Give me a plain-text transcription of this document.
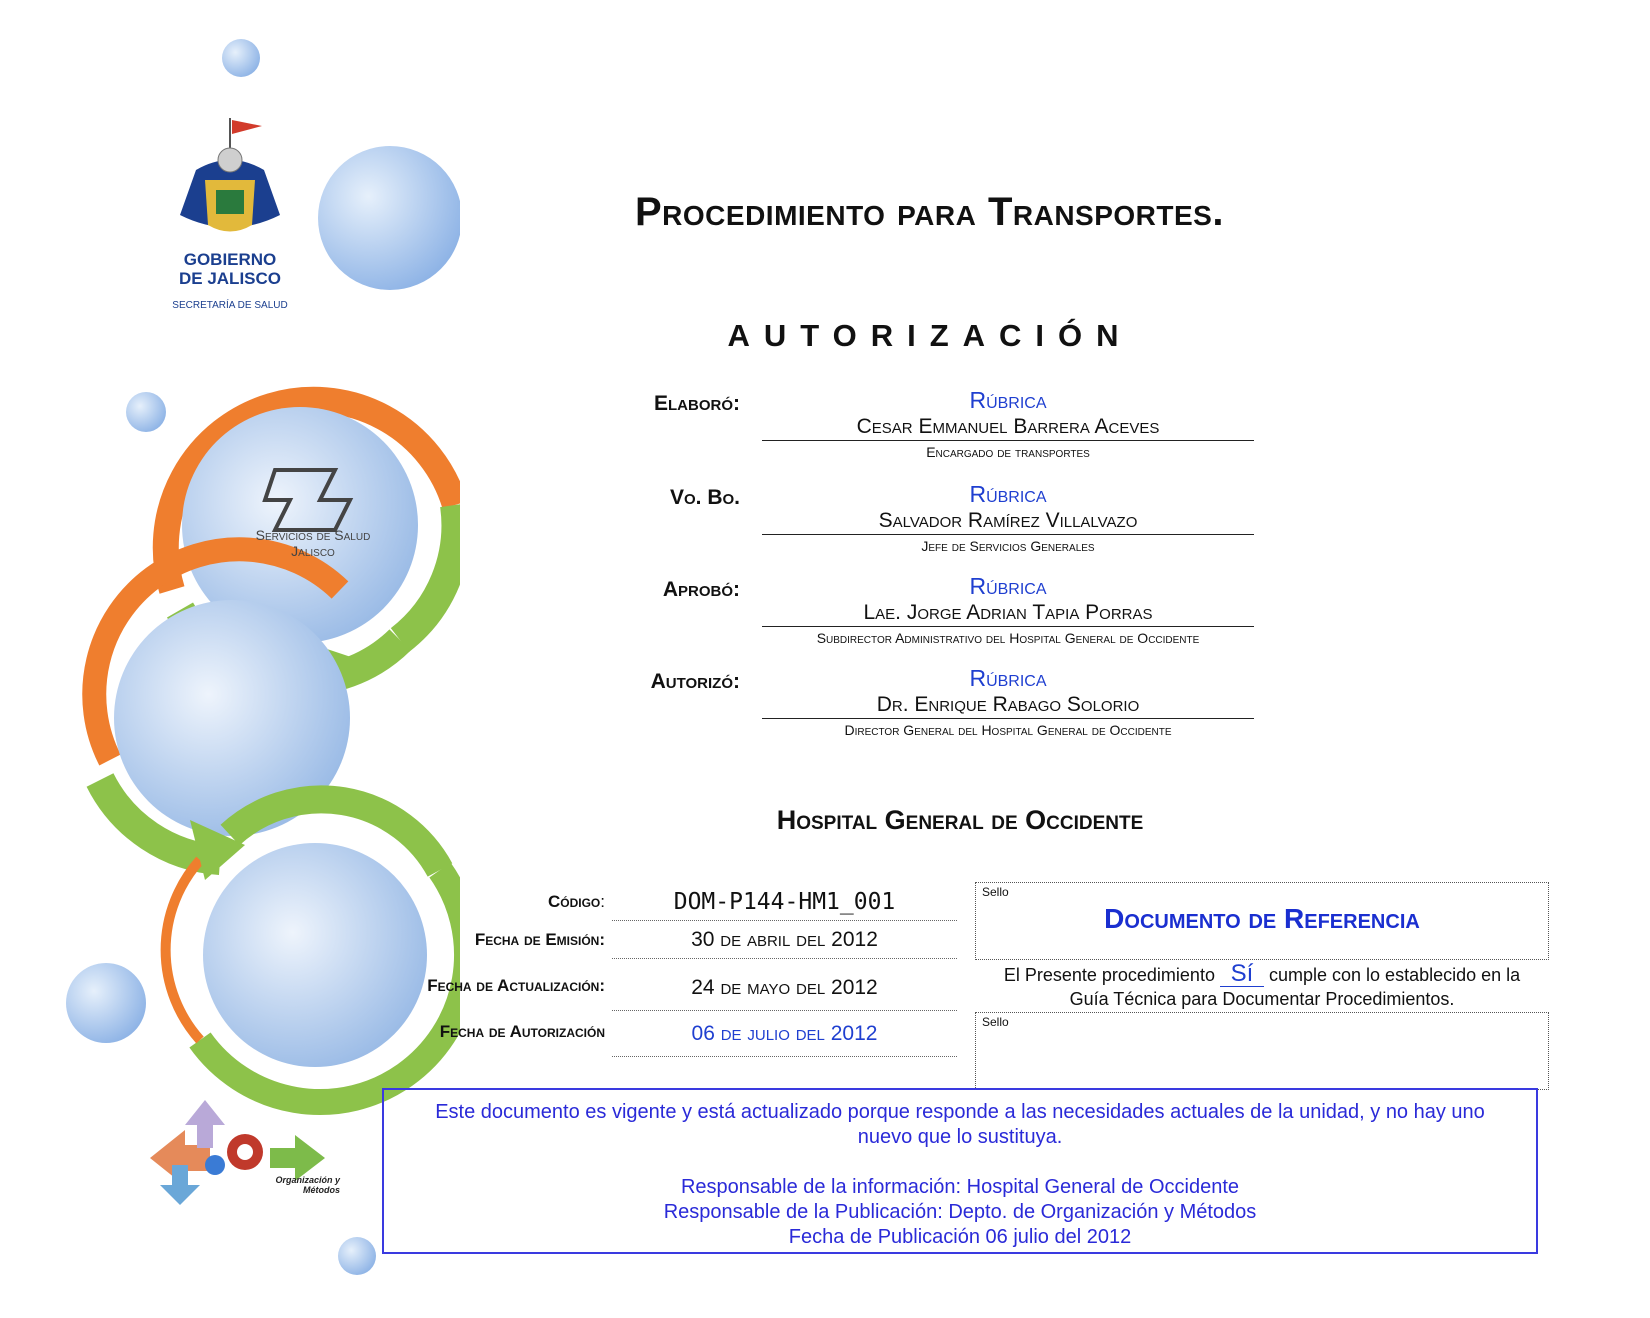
GOBIERNO
DE JALISCO
SECRETARÍA DE SALUD
Servicios de Salud
Jalisco
Organización y
Métodos
Procedimiento para Transportes.
AUTORIZACIÓN
Elaboró:	Rúbrica
Cesar Emmanuel Barrera Aceves
Encargado de transportes
Vo. Bo.	Rúbrica
Salvador Ramírez Villalvazo
Jefe de Servicios Generales
Aprobó:	Rúbrica
Lae. Jorge Adrian Tapia Porras
Subdirector Administrativo del Hospital General de Occidente
Autorizó:	Rúbrica
Dr. Enrique Rabago Solorio
Director General del Hospital General de Occidente
Hospital General de Occidente
Código:	DOM-P144-HM1_001
Fecha de Emisión:	30 de abril del 2012
Fecha de Actualización:	24 de mayo del 2012
Fecha de Autorización	06 de julio del 2012
Sello
Documento de Referencia
El Presente procedimiento Sí cumple con lo establecido en la
Guía Técnica para Documentar Procedimientos.
Sello

Este documento es vigente y está actualizado porque responde a las necesidades actuales de la unidad, y no hay uno

nuevo que lo sustituya.

Responsable de la información: Hospital General de Occidente

Responsable de la Publicación: Depto. de Organización y Métodos

Fecha de Publicación 06 julio del 2012
